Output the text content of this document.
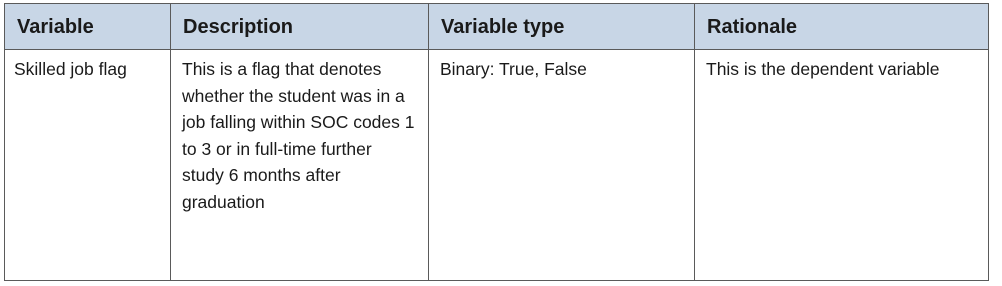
Variable	Description	Variable type	Rationale
Skilled job flag	This is a flag that denotes whether the student was in a job falling within SOC codes 1 to 3 or in full-time further study 6 months after graduation	Binary: True, False	This is the dependent variable
